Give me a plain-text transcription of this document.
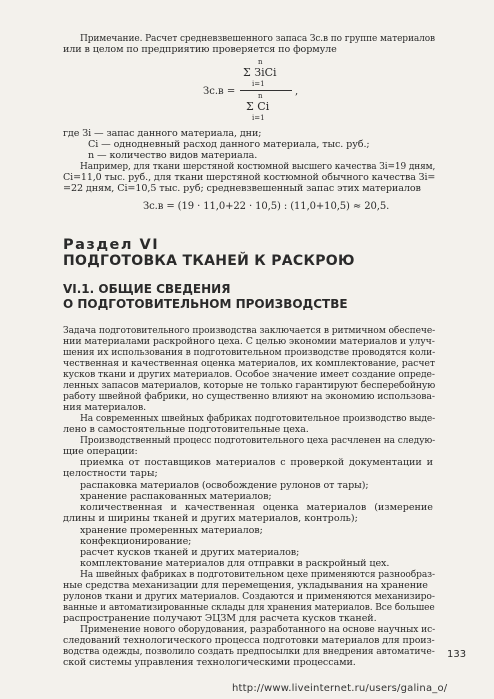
Примечание. Расчет средневзвешенного запаса Зс.в по группе материалов
или в целом по предприятию проверяется по формуле
Зс.в =
n
Σ ЗiCi
i=1
n
Σ Ci
i=1
,
где Зi — запас данного материала, дни;
Ci — однодневный расход данного материала, тыс. руб.;
n — количество видов материала.
Например, для ткани шерстяной костюмной высшего качества Зi=19 дням,
Ci=11,0 тыс. руб., для ткани шерстяной костюмной обычного качества Зi=
=22 дням, Ci=10,5 тыс. руб; средневзвешенный запас этих материалов
Зс.в = (19 · 11,0+22 · 10,5) : (11,0+10,5) ≈ 20,5.
Раздел VI
ПОДГОТОВКА ТКАНЕЙ К РАСКРОЮ
VI.1. ОБЩИЕ СВЕДЕНИЯ
О ПОДГОТОВИТЕЛЬНОМ ПРОИЗВОДСТВЕ
Задача подготовительного производства заключается в ритмичном обеспече-
нии материалами раскройного цеха. С целью экономии материалов и улуч-
шения их использования в подготовительном производстве проводятся коли-
чественная и качественная оценка материалов, их комплектование, расчет
кусков ткани и других материалов. Особое значение имеет создание опреде-
ленных запасов материалов, которые не только гарантируют бесперебойную
работу швейной фабрики, но существенно влияют на экономию использова-
ния материалов.
На современных швейных фабриках подготовительное производство выде-
лено в самостоятельные подготовительные цеха.
Производственный процесс подготовительного цеха расчленен на следую-
щие операции:
приемка от поставщиков материалов с проверкой документации и целостности тары;
распаковка материалов (освобождение рулонов от тары);
хранение распакованных материалов;
количественная и качественная оценка материалов (измерение длины и ширины тканей и других материалов, контроль);
хранение промеренных материалов;
конфекционирование;
расчет кусков тканей и других материалов;
комплектование материалов для отправки в раскройный цех.
На швейных фабриках в подготовительном цехе применяются разнообраз-
ные средства механизации для перемещения, укладывания на хранение
рулонов ткани и других материалов. Создаются и применяются механизиро-
ванные и автоматизированные склады для хранения материалов. Все большее
распространение получают ЭЦЗМ для расчета кусков тканей.
Применение нового оборудования, разработанного на основе научных ис-
следований технологического процесса подготовки материалов для произ-
водства одежды, позволило создать предпосылки для внедрения автоматиче-
ской системы управления технологическими процессами.
133
http://www.liveinternet.ru/users/galina_o/
